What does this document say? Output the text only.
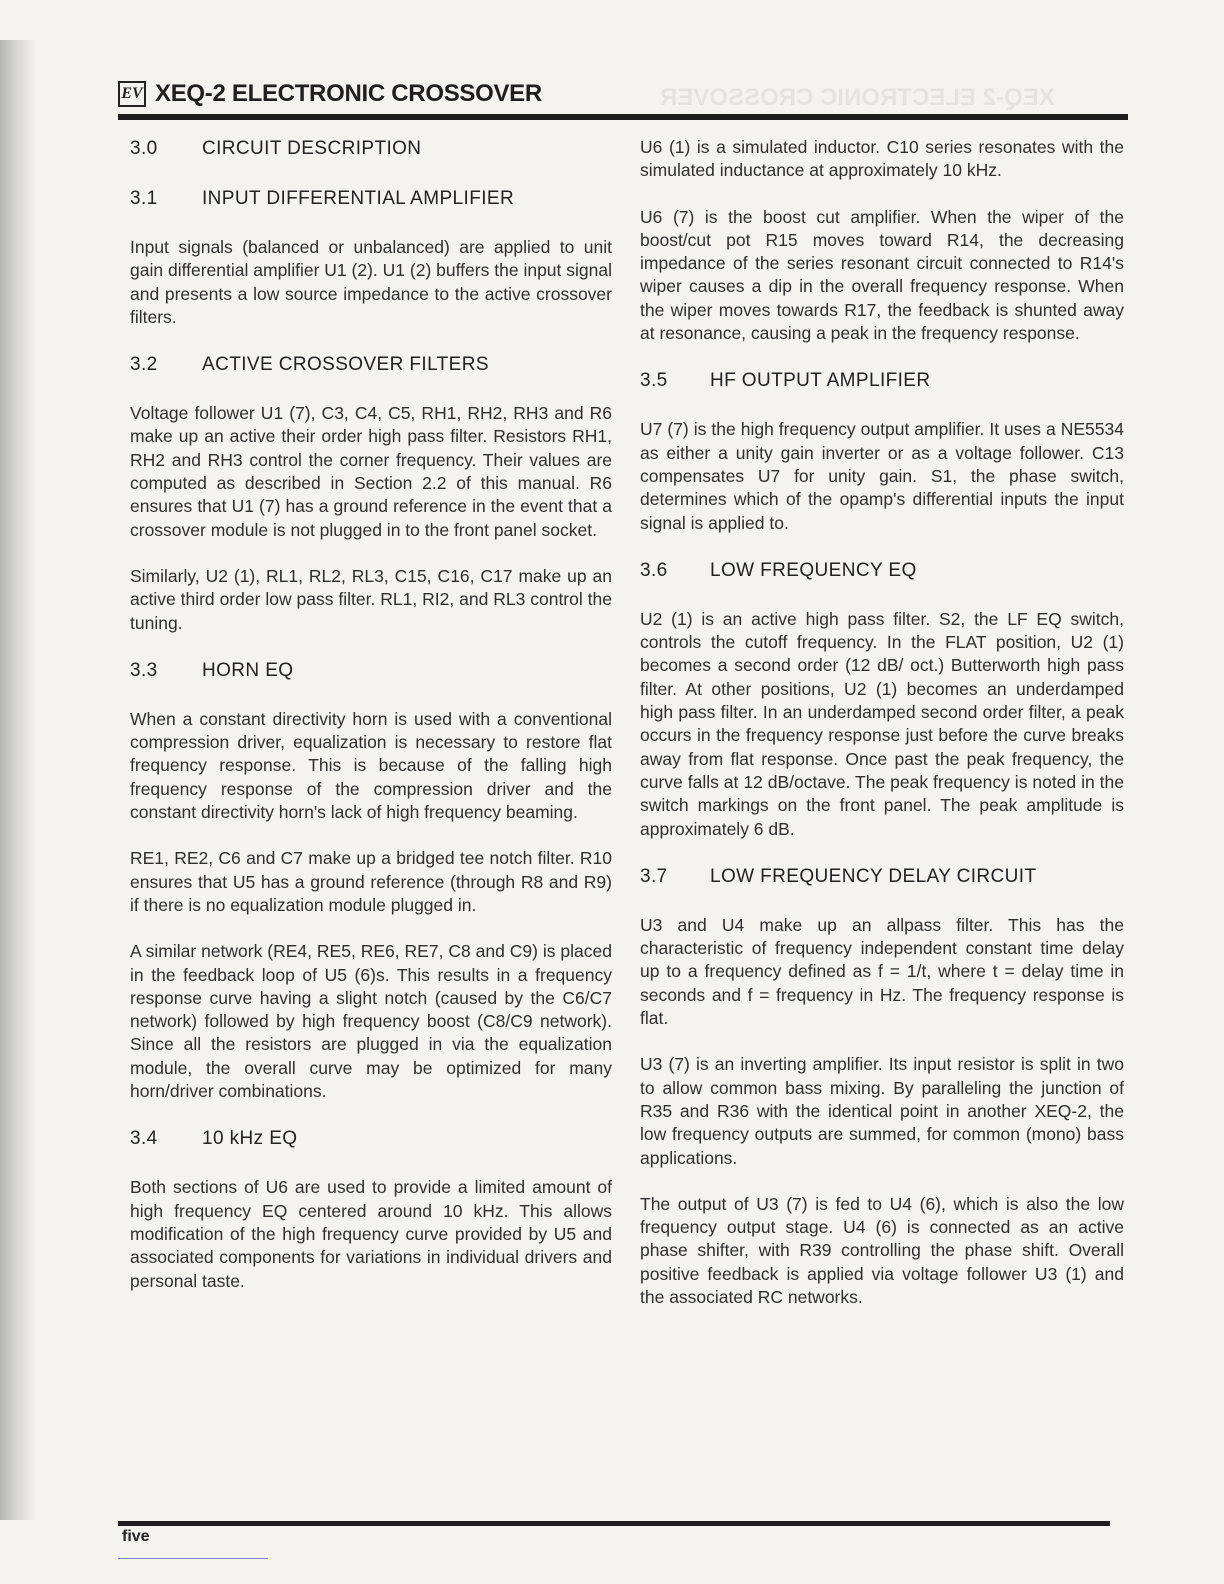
EV XEQ-2 ELECTRONIC CROSSOVER	XEQ-2 ELECTRONIC CROSSOVER
3.0	CIRCUIT DESCRIPTION
3.1	INPUT DIFFERENTIAL AMPLIFIER

Input signals (balanced or unbalanced) are applied to unit gain differential amplifier U1 (2). U1 (2) buffers the input signal and presents a low source impedance to the active crossover filters.

3.2	ACTIVE CROSSOVER FILTERS

Voltage follower U1 (7), C3, C4, C5, RH1, RH2, RH3 and R6 make up an active their order high pass filter. Resistors RH1, RH2 and RH3 control the corner frequency. Their values are computed as described in Section 2.2 of this manual. R6 ensures that U1 (7) has a ground reference in the event that a crossover module is not plugged in to the front panel socket.

Similarly, U2 (1), RL1, RL2, RL3, C15, C16, C17 make up an active third order low pass filter. RL1, RI2, and RL3 control the tuning.

3.3	HORN EQ

When a constant directivity horn is used with a conventional compression driver, equalization is necessary to restore flat frequency response. This is because of the falling high frequency response of the compression driver and the constant directivity horn's lack of high frequency beaming.

RE1, RE2, C6 and C7 make up a bridged tee notch filter. R10 ensures that U5 has a ground reference (through R8 and R9) if there is no equalization module plugged in.

A similar network (RE4, RE5, RE6, RE7, C8 and C9) is placed in the feedback loop of U5 (6)s. This results in a frequency response curve having a slight notch (caused by the C6/C7 network) followed by high frequency boost (C8/C9 network). Since all the resistors are plugged in via the equalization module, the overall curve may be optimized for many horn/driver combinations.

3.4	10 kHz EQ

Both sections of U6 are used to provide a limited amount of high frequency EQ centered around 10 kHz. This allows modification of the high frequency curve provided by U5 and associated components for variations in individual drivers and personal taste.

U6 (1) is a simulated inductor. C10 series resonates with the simulated inductance at approximately 10 kHz.

U6 (7) is the boost cut amplifier. When the wiper of the boost/cut pot R15 moves toward R14, the decreasing impedance of the series resonant circuit connected to R14's wiper causes a dip in the overall frequency response. When the wiper moves towards R17, the feedback is shunted away at resonance, causing a peak in the frequency response.

3.5	HF OUTPUT AMPLIFIER

U7 (7) is the high frequency output amplifier. It uses a NE5534 as either a unity gain inverter or as a voltage follower. C13 compensates U7 for unity gain. S1, the phase switch, determines which of the opamp's differential inputs the input signal is applied to.

3.6	LOW FREQUENCY EQ

U2 (1) is an active high pass filter. S2, the LF EQ switch, controls the cutoff frequency. In the FLAT position, U2 (1) becomes a second order (12 dB/ oct.) Butterworth high pass filter. At other positions, U2 (1) becomes an underdamped high pass filter. In an underdamped second order filter, a peak occurs in the frequency response just before the curve breaks away from flat response. Once past the peak frequency, the curve falls at 12 dB/octave. The peak frequency is noted in the switch markings on the front panel. The peak amplitude is approximately 6 dB.

3.7	LOW FREQUENCY DELAY CIRCUIT

U3 and U4 make up an allpass filter. This has the characteristic of frequency independent constant time delay up to a frequency defined as f = 1/t, where t = delay time in seconds and f = frequency in Hz. The frequency response is flat.

U3 (7) is an inverting amplifier. Its input resistor is split in two to allow common bass mixing. By paralleling the junction of R35 and R36 with the identical point in another XEQ-2, the low frequency outputs are summed, for common (mono) bass applications.

The output of U3 (7) is fed to U4 (6), which is also the low frequency output stage. U4 (6) is connected as an active phase shifter, with R39 controlling the phase shift. Overall positive feedback is applied via voltage follower U3 (1) and the associated RC networks.

five
